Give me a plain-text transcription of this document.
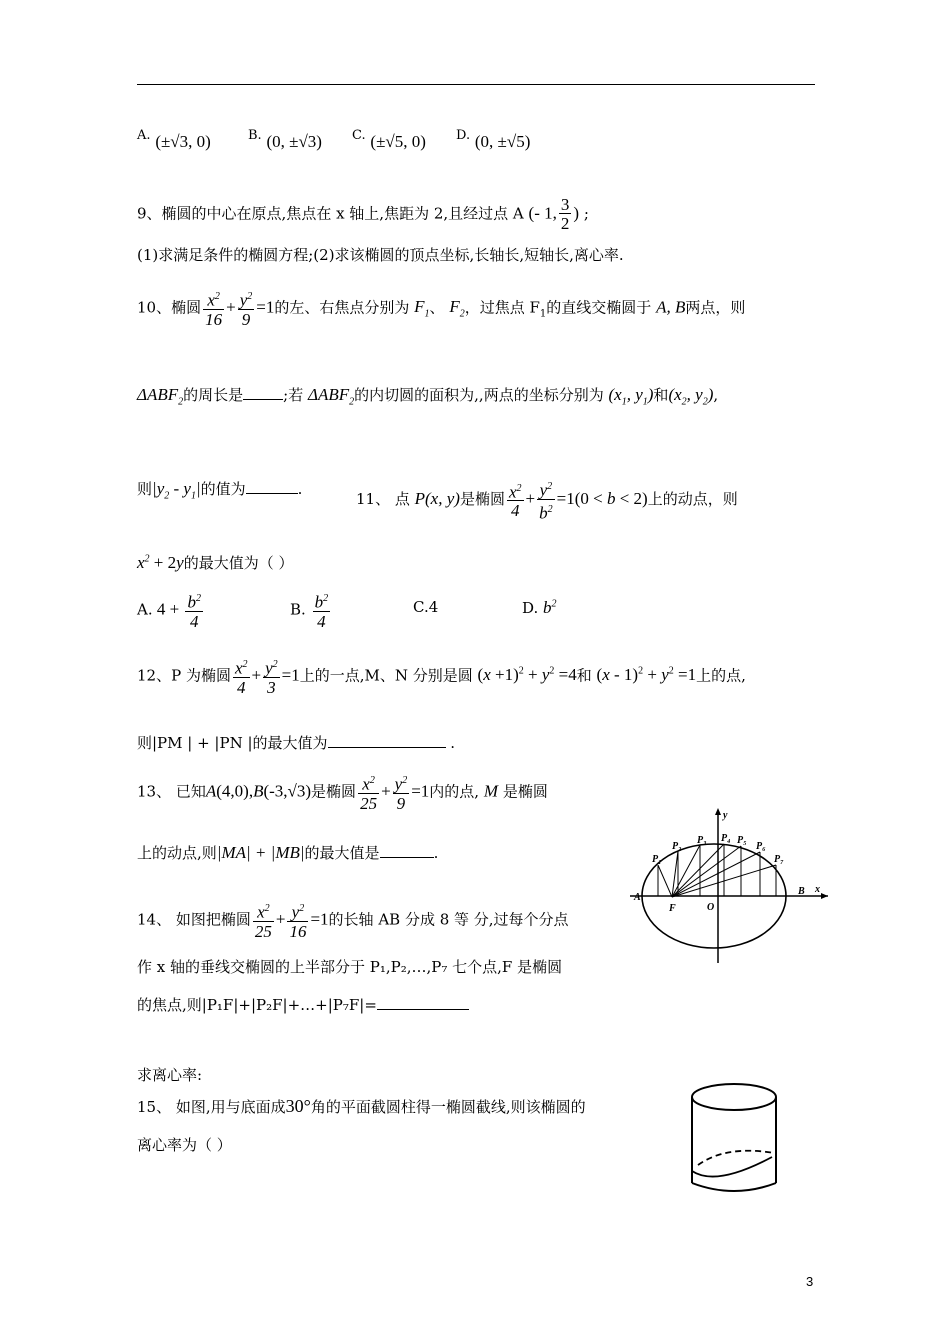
A. (±√3, 0)	B. (0, ±√3) C. (±√5, 0) D. (0, ±√5)
9、椭圆的中心在原点,焦点在 x 轴上,焦距为 2,且经过点 A (- 1, $\frac{3}{2}$ ) ;
(1)求满足条件的椭圆方程;(2)求该椭圆的顶点坐标,长轴长,短轴长,离心率.
10、椭圆 $\frac{x^2}{16} + \frac{y^2}{9} =1$的左、右焦点分别为 $F_1$、 $F_2$，过焦点 $F_1$的直线交椭圆于 A, B两点，则
$\Delta ABF_2$的周长是	;若 $\Delta ABF_2$的内切圆的面积为,,两点的坐标分别为 ($x_1$, $y_1$)和($x_2$, $y_2$),
则$|y_2 - y_1|$的值为	.
11、 点 P(x, y)是椭圆 $\frac{x^2}{4} + \frac{y^2}{b^2} =1(0 < b < 2)$上的动点，则
$x^2 + 2y$的最大值为（ ）
A. $4 + \frac{b^2}{4}$	B. $\frac{b^2}{4}$	C.4	D. $b^2$
12、P 为椭圆 $\frac{x^2}{4} + \frac{y^2}{3} =1$上的一点,M、N 分别是圆 $(x +1)^2 + y^2 =4$和 $(x - 1)^2 + y^2 =1$上的点,
则|PM | + |PN |的最大值为	.
13、 已知A(4,0),B(-3,√3)是椭圆 $\frac{x^2}{25} + \frac{y^2}{9} =1$内的点, M 是椭圆
上的动点,则|MA| + |MB|的最大值是	.
14、 如图把椭圆 $\frac{x^2}{25} + \frac{y^2}{16} =1$的长轴 AB 分成 8 等 分,过每个分点
作 x 轴的垂线交椭圆的上半部分于 P₁,P₂,…,P₇ 七个点,F 是椭圆
的焦点,则|P₁F|+|P₂F|+…+|P₇F|=
y
x
A
B
F	O
P₁
P₂
P₃ P₄ P₅
P₆
P₇
求离心率:
15、 如图,用与底面成30°角的平面截圆柱得一椭圆截线,则该椭圆的
离心率为（ ）
3
